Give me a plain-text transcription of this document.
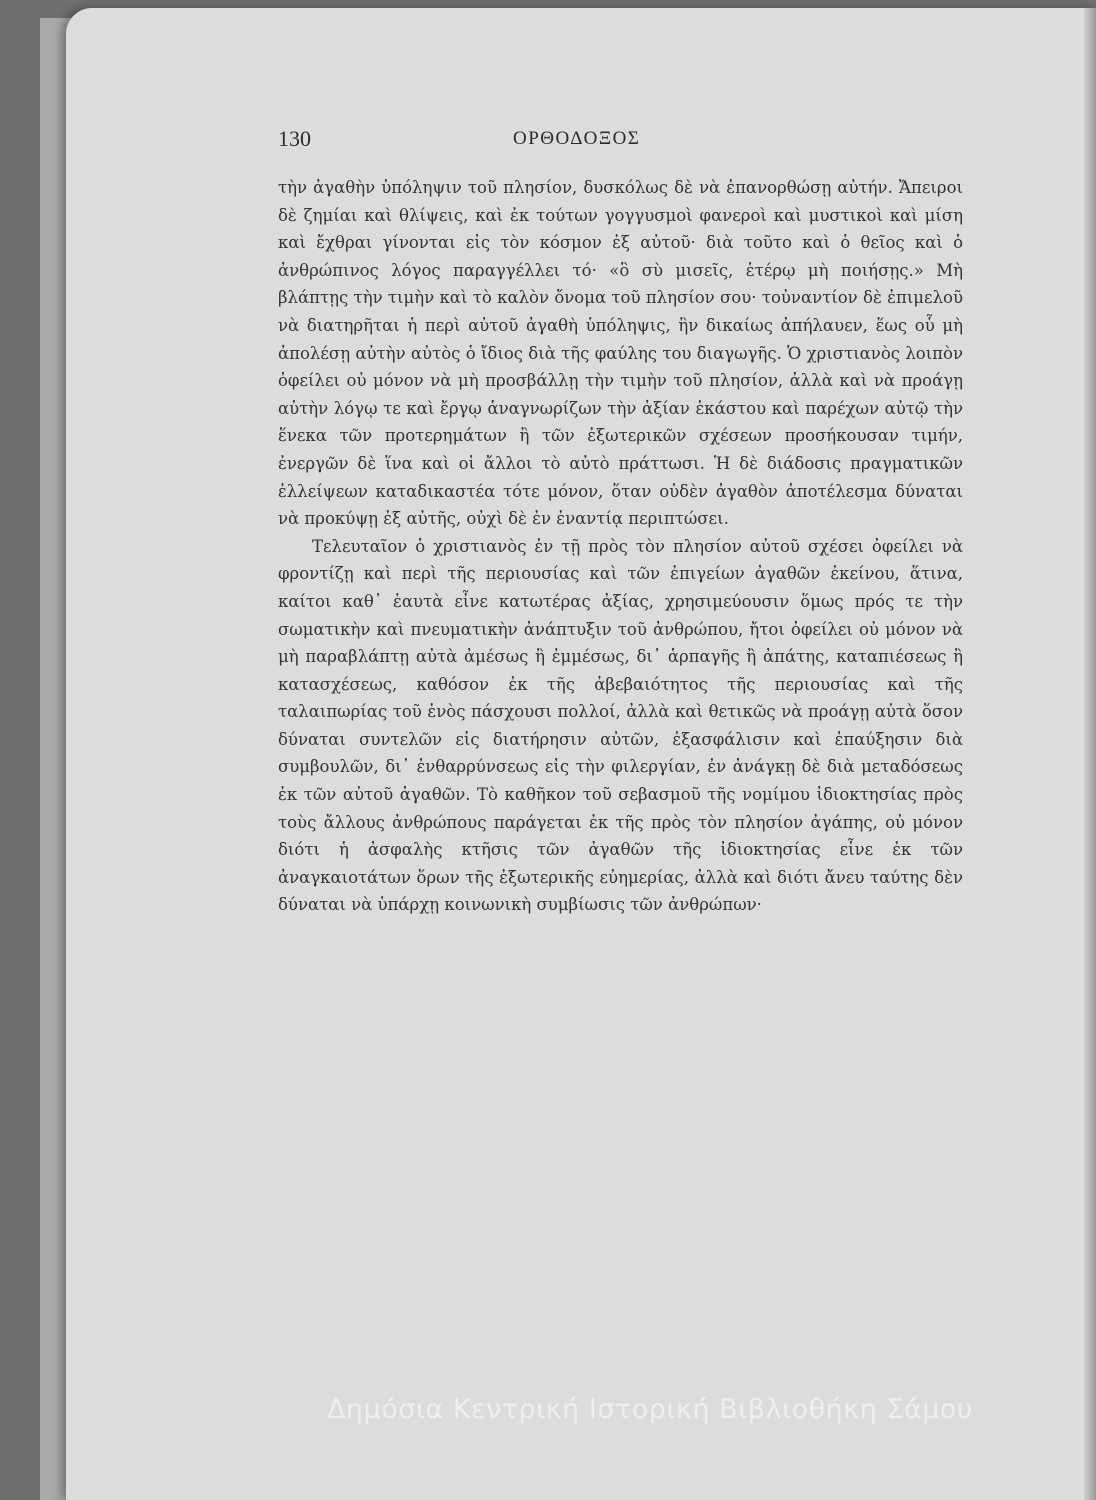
130	ΟΡΘΟΔΟΞΟΣ

τὴν ἀγαθὴν ὑπόληψιν τοῦ πλησίον, δυσκόλως δὲ νὰ ἐπανορθώσῃ αὐτήν. Ἄπειροι δὲ ζημίαι καὶ θλίψεις, καὶ ἐκ τούτων γογγυσμοὶ φανεροὶ καὶ μυστικοὶ καὶ μίση καὶ ἔχθραι γίνονται εἰς τὸν κόσμον ἐξ αὐτοῦ· διὰ τοῦτο καὶ ὁ θεῖος καὶ ὁ ἀνθρώπινος λόγος παραγγέλλει τό· «ὃ σὺ μισεῖς, ἑτέρῳ μὴ ποιήσῃς.» Μὴ βλάπτῃς τὴν τιμὴν καὶ τὸ καλὸν ὄνομα τοῦ πλησίον σου· τοὐναντίον δὲ ἐπιμελοῦ νὰ διατηρῆται ἡ περὶ αὐτοῦ ἀγαθὴ ὑπόληψις, ἣν δικαίως ἀπήλαυεν, ἕως οὗ μὴ ἀπολέσῃ αὐτὴν αὐτὸς ὁ ἴδιος διὰ τῆς φαύλης του διαγωγῆς. Ὁ χριστιανὸς λοιπὸν ὀφείλει οὐ μόνον νὰ μὴ προσβάλλῃ τὴν τιμὴν τοῦ πλησίον, ἀλλὰ καὶ νὰ προάγῃ αὐτὴν λόγῳ τε καὶ ἔργῳ ἀναγνωρίζων τὴν ἀξίαν ἑκάστου καὶ παρέχων αὐτῷ τὴν ἕνεκα τῶν προτερημάτων ἢ τῶν ἐξωτερικῶν σχέσεων προσήκουσαν τιμήν, ἐνεργῶν δὲ ἵνα καὶ οἱ ἄλλοι τὸ αὐτὸ πράττωσι. Ἡ δὲ διάδοσις πραγματικῶν ἐλλείψεων καταδικαστέα τότε μόνον, ὅταν οὐδὲν ἀγαθὸν ἀποτέλεσμα δύναται νὰ προκύψῃ ἐξ αὐτῆς, οὐχὶ δὲ ἐν ἐναντίᾳ περιπτώσει.

Τελευταῖον ὁ χριστιανὸς ἐν τῇ πρὸς τὸν πλησίον αὐτοῦ σχέσει ὀφείλει νὰ φροντίζῃ καὶ περὶ τῆς περιουσίας καὶ τῶν ἐπιγείων ἀγαθῶν ἐκείνου, ἅτινα, καίτοι καθ᾽ ἑαυτὰ εἶνε κατωτέρας ἀξίας, χρησιμεύουσιν ὅμως πρός τε τὴν σωματικὴν καὶ πνευματικὴν ἀνάπτυξιν τοῦ ἀνθρώπου, ἤτοι ὀφείλει οὐ μόνον νὰ μὴ παραβλάπτῃ αὐτὰ ἀμέσως ἢ ἐμμέσως, δι᾽ ἁρπαγῆς ἢ ἀπάτης, καταπιέσεως ἢ κατασχέσεως, καθόσον ἐκ τῆς ἀβεβαιότητος τῆς περιουσίας καὶ τῆς ταλαιπωρίας τοῦ ἑνὸς πάσχουσι πολλοί, ἀλλὰ καὶ θετικῶς νὰ προάγῃ αὐτὰ ὅσον δύναται συντελῶν εἰς διατήρησιν αὐτῶν, ἐξασφάλισιν καὶ ἐπαύξησιν διὰ συμβουλῶν, δι᾽ ἐνθαρρύνσεως εἰς τὴν φιλεργίαν, ἐν ἀνάγκῃ δὲ διὰ μεταδόσεως ἐκ τῶν αὐτοῦ ἀγαθῶν. Τὸ καθῆκον τοῦ σεβασμοῦ τῆς νομίμου ἰδιοκτησίας πρὸς τοὺς ἄλλους ἀνθρώπους παράγεται ἐκ τῆς πρὸς τὸν πλησίον ἀγάπης, οὐ μόνον διότι ἡ ἀσφαλὴς κτῆσις τῶν ἀγαθῶν τῆς ἰδιοκτησίας εἶνε ἐκ τῶν ἀναγκαιοτάτων ὅρων τῆς ἐξωτερικῆς εὐημερίας, ἀλλὰ καὶ διότι ἄνευ ταύτης δὲν δύναται νὰ ὑπάρχῃ κοινωνικὴ συμβίωσις τῶν ἀνθρώπων·

Δημόσια Κεντρική Ιστορική Βιβλιοθήκη Σάμου
